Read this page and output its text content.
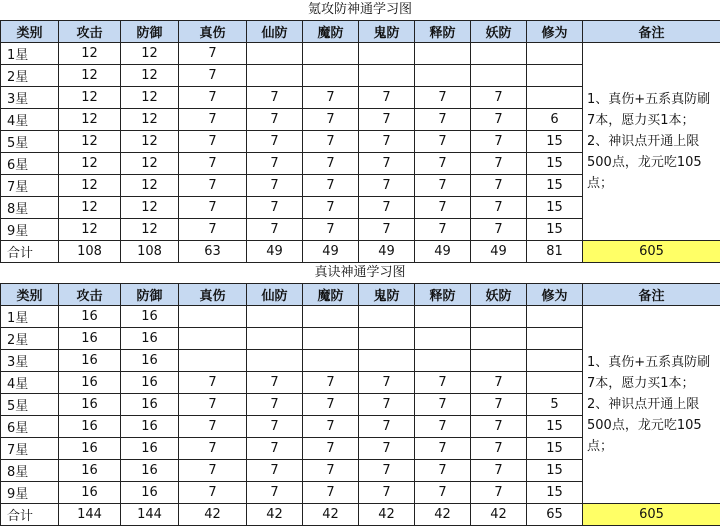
氪攻防神通学习图
类别	攻击	防御	真伤	仙防	魔防	鬼防	释防	妖防	修为	备注
1星	12	12	7							1、真伤+五系真防刷7本，愿力买1本；
2、神识点开通上限500点，龙元吃105点；

2星	12	12	7							
3星	12	12	7	7	7	7	7	7		
4星	12	12	7	7	7	7	7	7	6	
5星	12	12	7	7	7	7	7	7	15	
6星	12	12	7	7	7	7	7	7	15	
7星	12	12	7	7	7	7	7	7	15	
8星	12	12	7	7	7	7	7	7	15	
9星	12	12	7	7	7	7	7	7	15	
合计	108	108	63	49	49	49	49	49	81	605
真诀神通学习图
类别	攻击	防御	真伤	仙防	魔防	鬼防	释防	妖防	修为	备注
1星	16	16								1、真伤+五系真防刷7本，愿力买1本；
2、神识点开通上限500点，龙元吃105点；

2星	16	16								
3星	16	16								
4星	16	16	7	7	7	7	7	7		
5星	16	16	7	7	7	7	7	7	5	
6星	16	16	7	7	7	7	7	7	15	
7星	16	16	7	7	7	7	7	7	15	
8星	16	16	7	7	7	7	7	7	15	
9星	16	16	7	7	7	7	7	7	15	
合计	144	144	42	42	42	42	42	42	65	605
